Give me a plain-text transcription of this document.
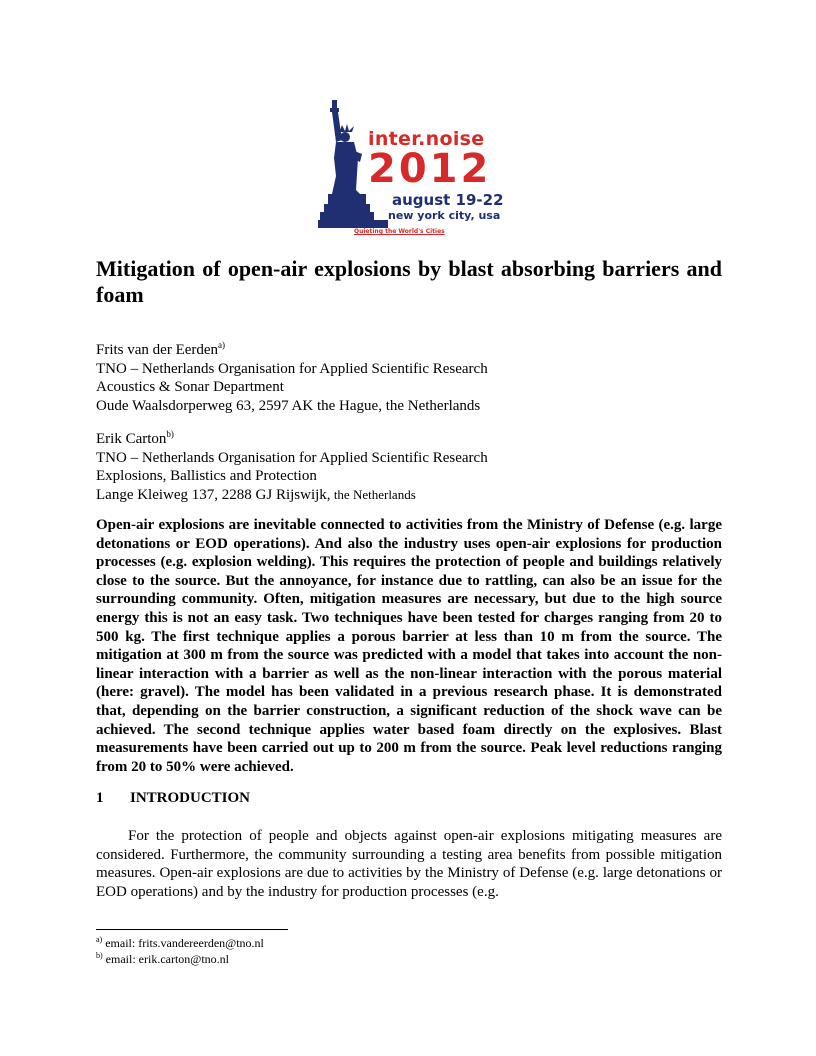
inter.noise
2012
august 19-22
new york city, usa
Quieting the World's Cities
Mitigation of open-air explosions by blast absorbing barriers and foam
Frits van der Eerden$^{a)}$
TNO – Netherlands Organisation for Applied Scientific Research
Acoustics & Sonar Department
Oude Waalsdorperweg 63, 2597 AK the Hague, the Netherlands
Erik Carton$^{b)}$
TNO – Netherlands Organisation for Applied Scientific Research
Explosions, Ballistics and Protection
Lange Kleiweg 137, 2288 GJ Rijswijk, the Netherlands

Open-air explosions are inevitable connected to activities from the Ministry of Defense (e.g. large detonations or EOD operations). And also the industry uses open-air explosions for production processes (e.g. explosion welding). This requires the protection of people and buildings relatively close to the source. But the annoyance, for instance due to rattling, can also be an issue for the surrounding community. Often, mitigation measures are necessary, but due to the high source energy this is not an easy task. Two techniques have been tested for charges ranging from 20 to 500 kg. The first technique applies a porous barrier at less than 10 m from the source. The mitigation at 300 m from the source was predicted with a model that takes into account the non-linear interaction with a barrier as well as the non-linear interaction with the porous material (here: gravel). The model has been validated in a previous research phase. It is demonstrated that, depending on the barrier construction, a significant reduction of the shock wave can be achieved. The second technique applies water based foam directly on the explosives. Blast measurements have been carried out up to 200 m from the source. Peak level reductions ranging from 20 to 50% were achieved.

1 INTRODUCTION

For the protection of people and objects against open-air explosions mitigating measures are considered. Furthermore, the community surrounding a testing area benefits from possible mitigation measures. Open-air explosions are due to activities by the Ministry of Defense (e.g. large detonations or EOD operations) and by the industry for production processes (e.g.

$^{a)}$ email: frits.vandereerden@tno.nl
$^{b)}$ email: erik.carton@tno.nl
